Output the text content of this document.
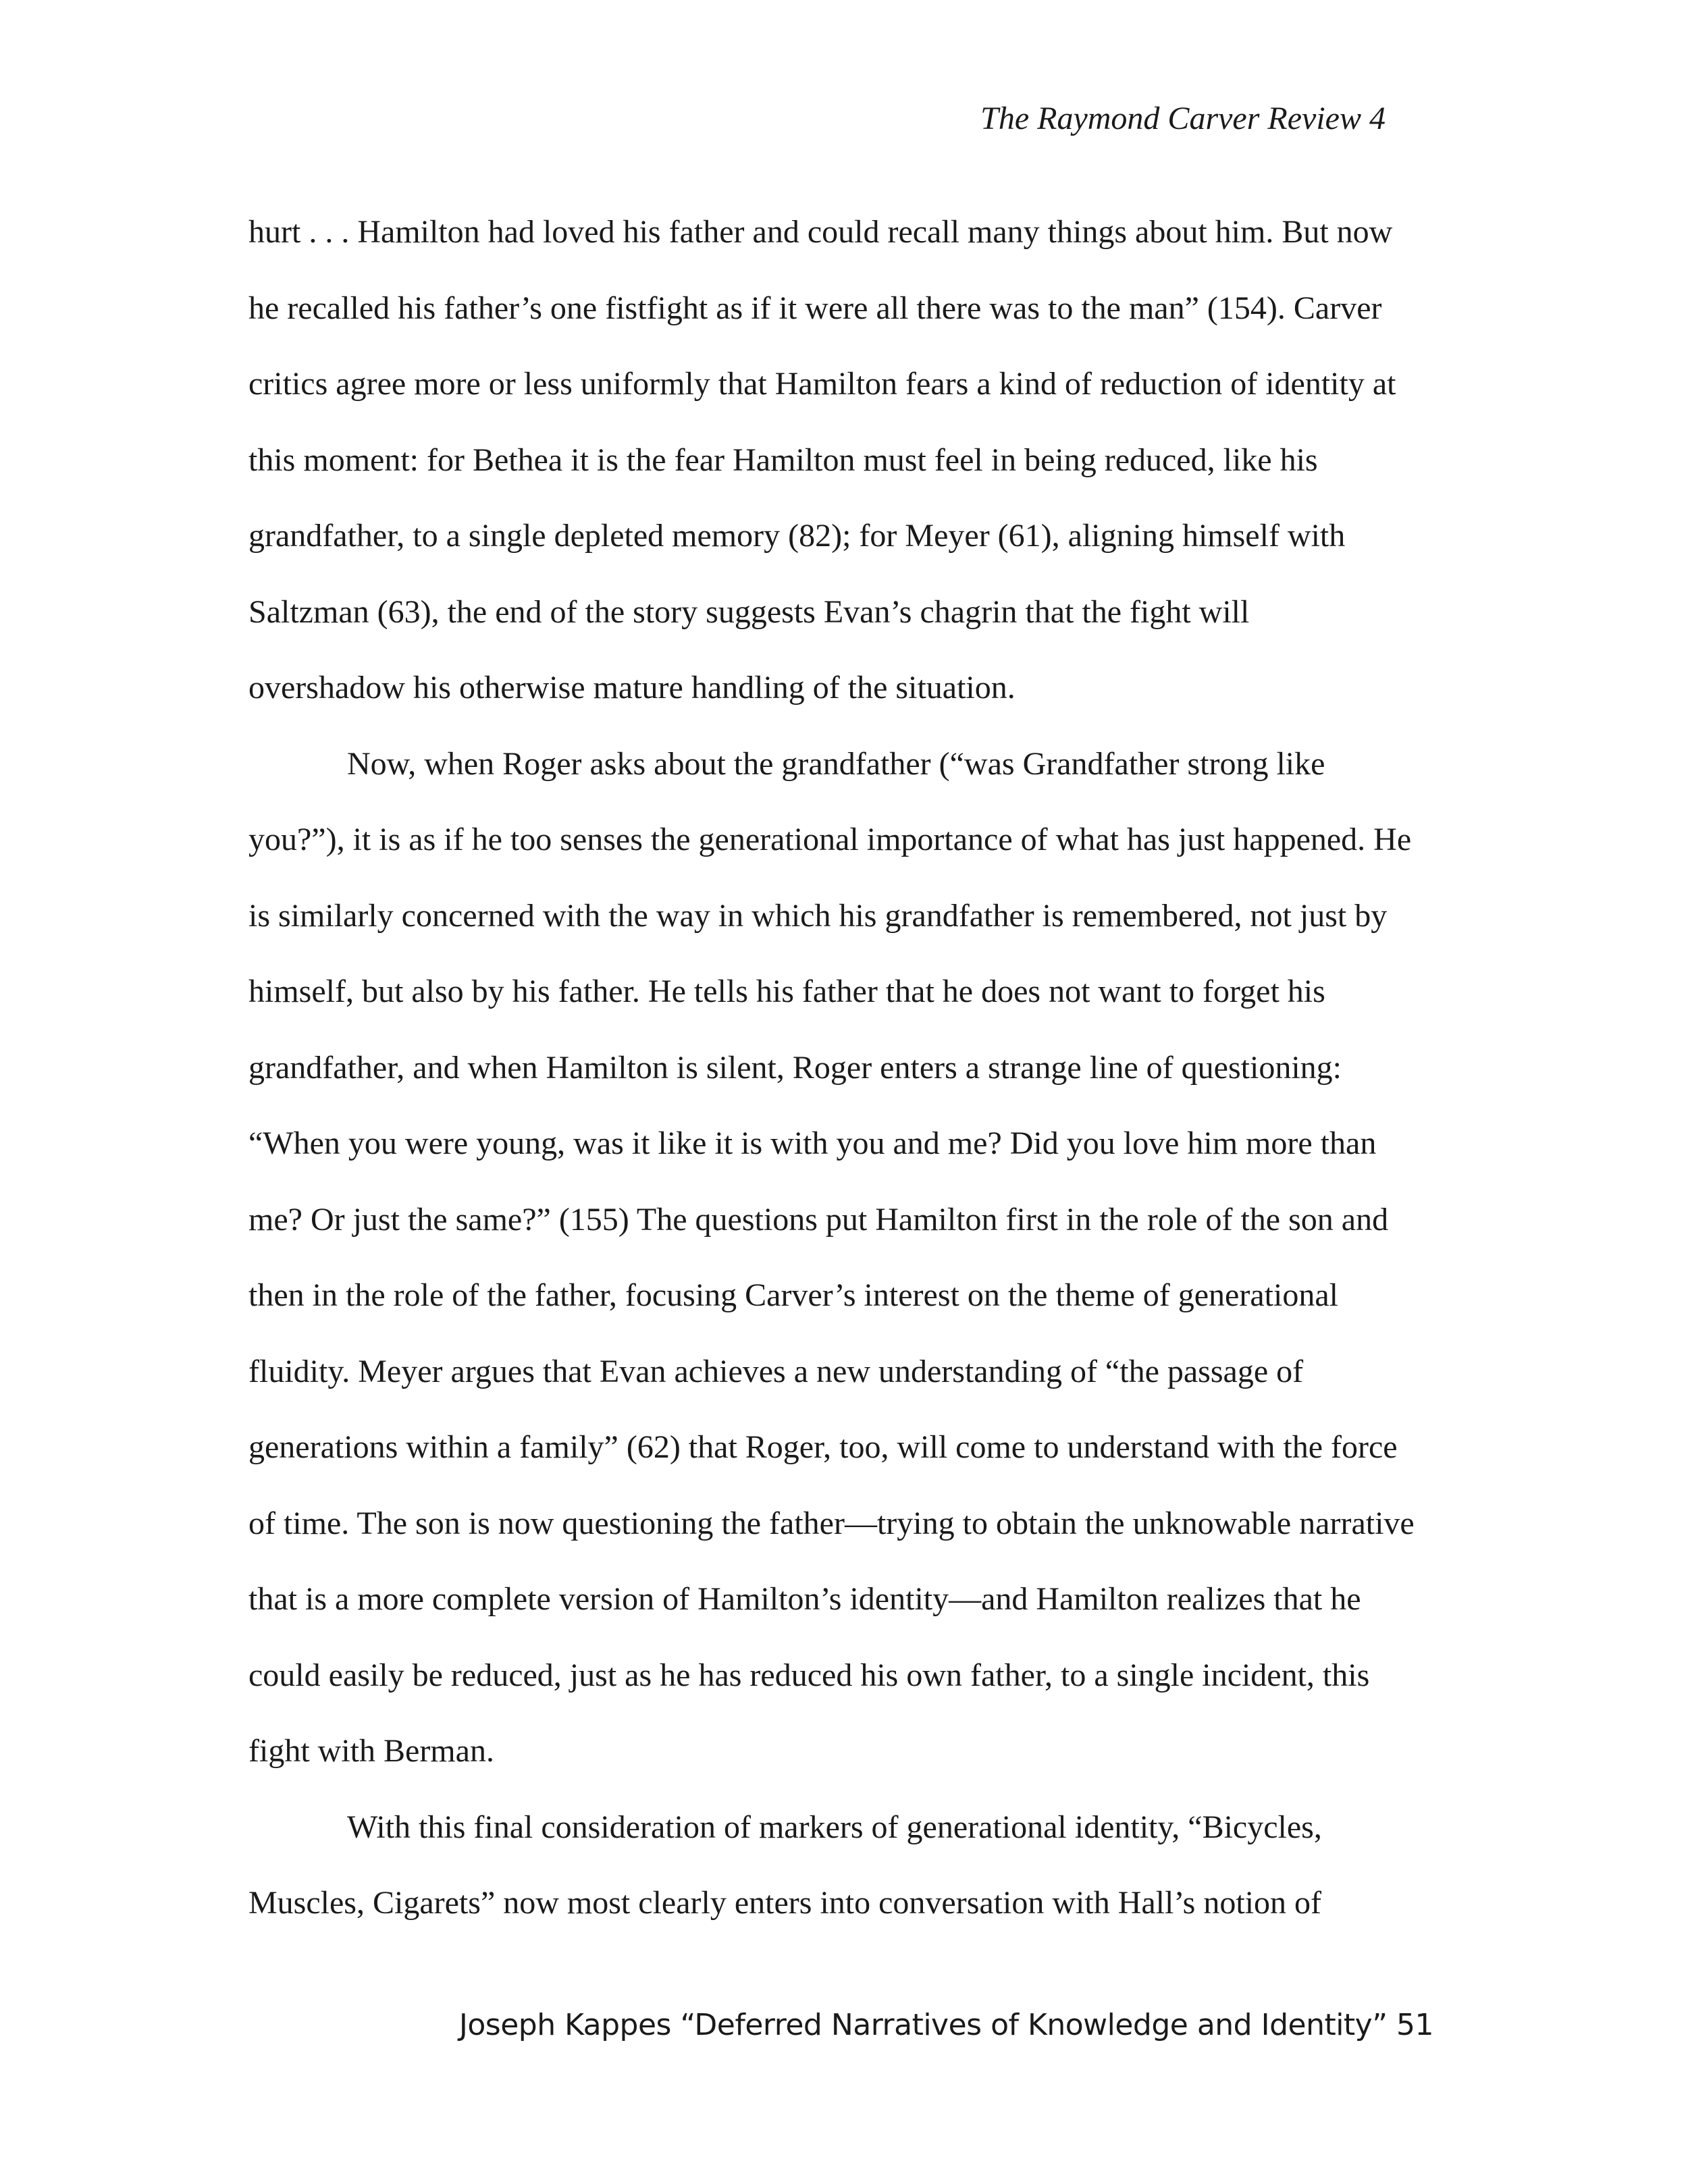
The Raymond Carver Review 4
hurt . . . Hamilton had loved his father and could recall many things about him. But now
he recalled his father’s one fistfight as if it were all there was to the man” (154). Carver
critics agree more or less uniformly that Hamilton fears a kind of reduction of identity at
this moment: for Bethea it is the fear Hamilton must feel in being reduced, like his
grandfather, to a single depleted memory (82); for Meyer (61), aligning himself with
Saltzman (63), the end of the story suggests Evan’s chagrin that the fight will
overshadow his otherwise mature handling of the situation.
Now, when Roger asks about the grandfather (“was Grandfather strong like
you?”), it is as if he too senses the generational importance of what has just happened. He
is similarly concerned with the way in which his grandfather is remembered, not just by
himself, but also by his father. He tells his father that he does not want to forget his
grandfather, and when Hamilton is silent, Roger enters a strange line of questioning:
“When you were young, was it like it is with you and me? Did you love him more than
me? Or just the same?” (155) The questions put Hamilton first in the role of the son and
then in the role of the father, focusing Carver’s interest on the theme of generational
fluidity. Meyer argues that Evan achieves a new understanding of “the passage of
generations within a family” (62) that Roger, too, will come to understand with the force
of time. The son is now questioning the father—trying to obtain the unknowable narrative
that is a more complete version of Hamilton’s identity—and Hamilton realizes that he
could easily be reduced, just as he has reduced his own father, to a single incident, this
fight with Berman.
With this final consideration of markers of generational identity, “Bicycles,
Muscles, Cigarets” now most clearly enters into conversation with Hall’s notion of
Joseph Kappes “Deferred Narratives of Knowledge and Identity” 51
